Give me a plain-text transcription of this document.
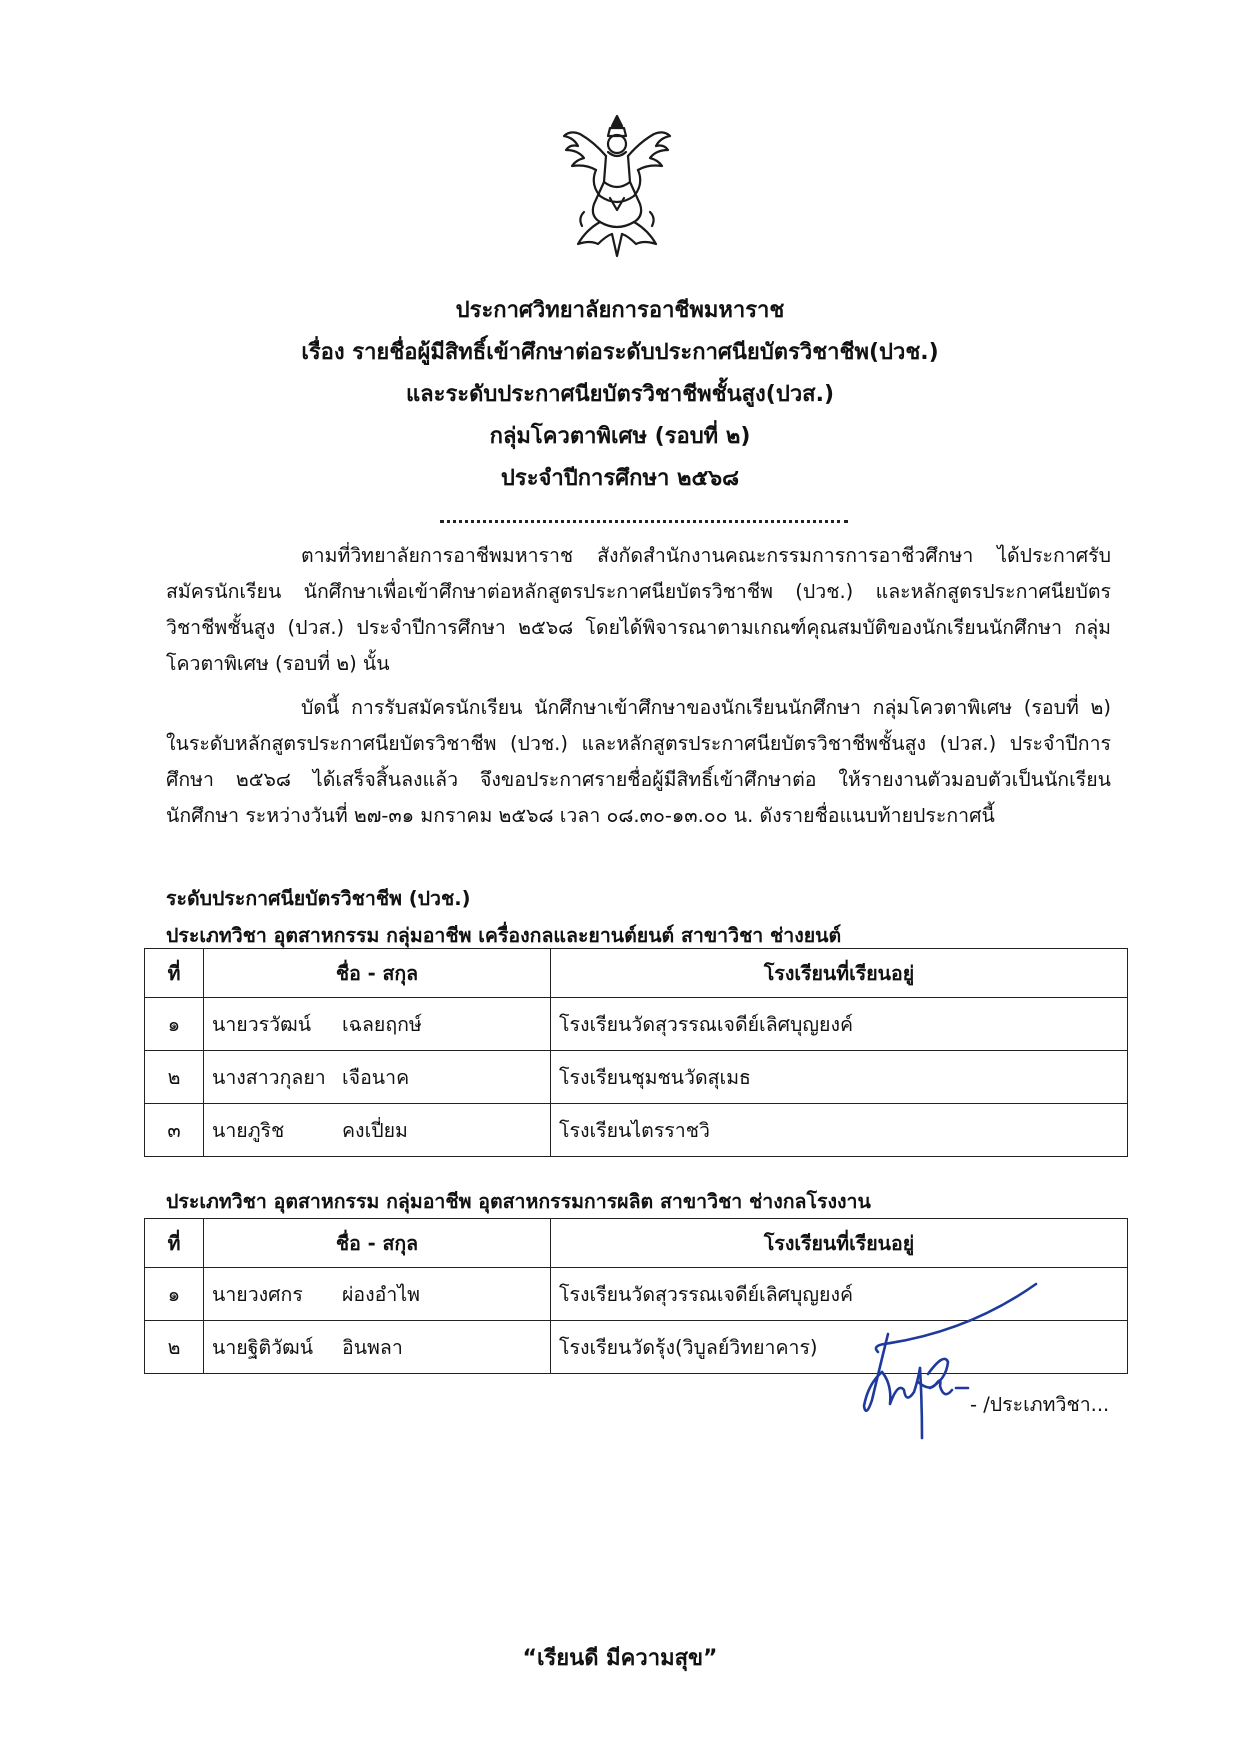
ประกาศวิทยาลัยการอาชีพมหาราช
เรื่อง รายชื่อผู้มีสิทธิ์เข้าศึกษาต่อระดับประกาศนียบัตรวิชาชีพ(ปวช.)
และระดับประกาศนียบัตรวิชาชีพชั้นสูง(ปวส.)
กลุ่มโควตาพิเศษ (รอบที่ ๒)
ประจำปีการศึกษา ๒๕๖๘
ตามที่วิทยาลัยการอาชีพมหาราช สังกัดสำนักงานคณะกรรมการการอาชีวศึกษา ได้ประกาศรับสมัครนักเรียน นักศึกษาเพื่อเข้าศึกษาต่อหลักสูตรประกาศนียบัตรวิชาชีพ (ปวช.) และหลักสูตรประกาศนียบัตรวิชาชีพชั้นสูง (ปวส.) ประจำปีการศึกษา ๒๕๖๘ โดยได้พิจารณาตามเกณฑ์คุณสมบัติของนักเรียนนักศึกษา กลุ่มโควตาพิเศษ (รอบที่ ๒) นั้น
บัดนี้ การรับสมัครนักเรียน นักศึกษาเข้าศึกษาของนักเรียนนักศึกษา กลุ่มโควตาพิเศษ (รอบที่ ๒) ในระดับหลักสูตรประกาศนียบัตรวิชาชีพ (ปวช.) และหลักสูตรประกาศนียบัตรวิชาชีพชั้นสูง (ปวส.) ประจำปีการศึกษา ๒๕๖๘ ได้เสร็จสิ้นลงแล้ว จึงขอประกาศรายชื่อผู้มีสิทธิ์เข้าศึกษาต่อ ให้รายงานตัวมอบตัวเป็นนักเรียนนักศึกษา ระหว่างวันที่ ๒๗-๓๑ มกราคม ๒๕๖๘ เวลา ๐๘.๓๐-๑๓.๐๐ น. ดังรายชื่อแนบท้ายประกาศนี้
ระดับประกาศนียบัตรวิชาชีพ (ปวช.)
ประเภทวิชา อุตสาหกรรม กลุ่มอาชีพ เครื่องกลและยานต์ยนต์ สาขาวิชา ช่างยนต์
ที่	ชื่อ - สกุล	โรงเรียนที่เรียนอยู่
๑	นายวรวัฒน์ เฉลยฤกษ์	โรงเรียนวัดสุวรรณเจดีย์เลิศบุญยงค์
๒	นางสาวกุลยา เจือนาค	โรงเรียนชุมชนวัดสุเมธ
๓	นายภูริช คงเปี่ยม	โรงเรียนไตรราชวิ
ประเภทวิชา อุตสาหกรรม กลุ่มอาชีพ อุตสาหกรรมการผลิต สาขาวิชา ช่างกลโรงงาน
ที่	ชื่อ - สกุล	โรงเรียนที่เรียนอยู่
๑	นายวงศกร ผ่องอำไพ	โรงเรียนวัดสุวรรณเจดีย์เลิศบุญยงค์
๒	นายฐิติวัฒน์ อินพลา	โรงเรียนวัดรุ้ง(วิบูลย์วิทยาคาร)
- /ประเภทวิชา...
“เรียนดี มีความสุข”
